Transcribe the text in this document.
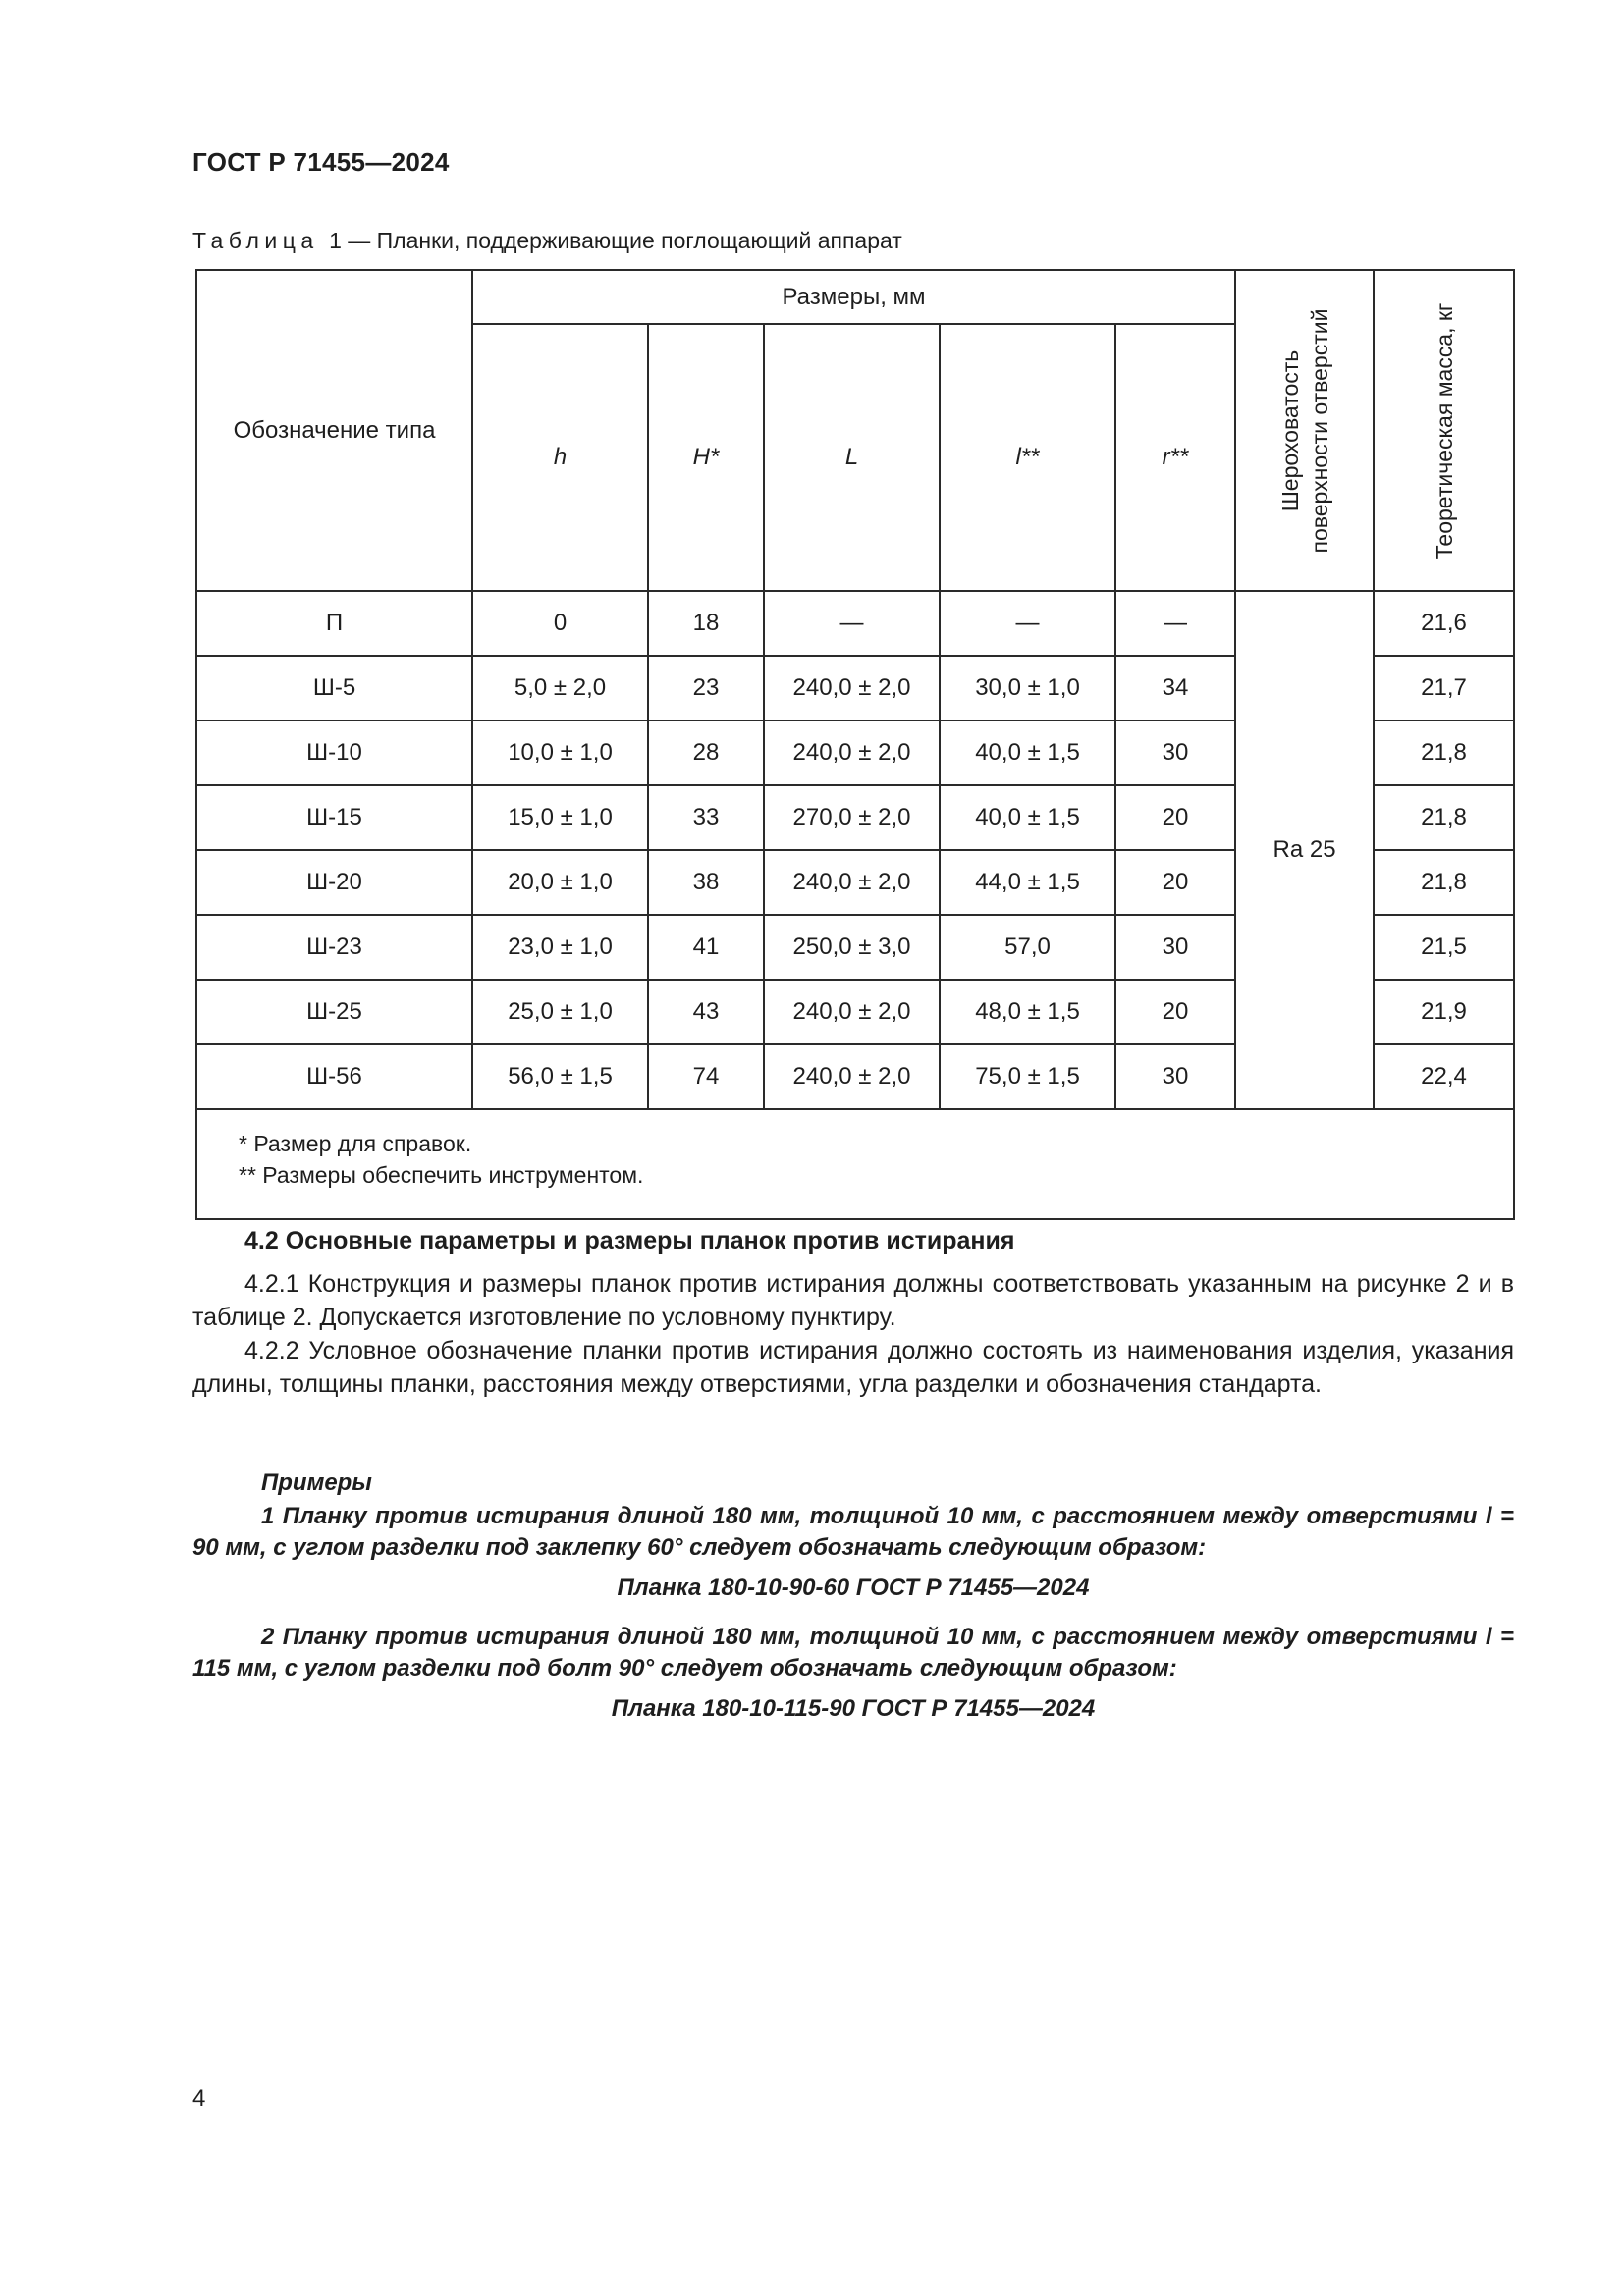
ГОСТ Р 71455—2024
Таблица 1 — Планки, поддерживающие поглощающий аппарат
Обозначение типа	Размеры, мм					Шероховатость поверхности отверстий	Теоретическая масса, кг

	h	H*	L	l**	r**		
П	0	18	—	—	—	Ra 25	21,6
Ш-5	5,0 ± 2,0	23	240,0 ± 2,0	30,0 ± 1,0	34		21,7
Ш-10	10,0 ± 1,0	28	240,0 ± 2,0	40,0 ± 1,5	30		21,8
Ш-15	15,0 ± 1,0	33	270,0 ± 2,0	40,0 ± 1,5	20		21,8
Ш-20	20,0 ± 1,0	38	240,0 ± 2,0	44,0 ± 1,5	20		21,8
Ш-23	23,0 ± 1,0	41	250,0 ± 3,0	57,0	30		21,5
Ш-25	25,0 ± 1,0	43	240,0 ± 2,0	48,0 ± 1,5	20		21,9
Ш-56	56,0 ± 1,5	74	240,0 ± 2,0	75,0 ± 1,5	30		22,4

* Размер для справок.
** Размеры обеспечить инструментом.							
4.2 Основные параметры и размеры планок против истирания
4.2.1 Конструкция и размеры планок против истирания должны соответствовать указанным на рисунке 2 и в таблице 2. Допускается изготовление по условному пунктиру.
4.2.2 Условное обозначение планки против истирания должно состоять из наименования изделия, указания длины, толщины планки, расстояния между отверстиями, угла разделки и обозначения стандарта.
Примеры
1 Планку против истирания длиной 180 мм, толщиной 10 мм, с расстоянием между отверстиями l = 90 мм, с углом разделки под заклепку 60° следует обозначать следующим образом:
Планка 180-10-90-60 ГОСТ Р 71455—2024
2 Планку против истирания длиной 180 мм, толщиной 10 мм, с расстоянием между отверстиями l = 115 мм, с углом разделки под болт 90° следует обозначать следующим образом:
Планка 180-10-115-90 ГОСТ Р 71455—2024
4
